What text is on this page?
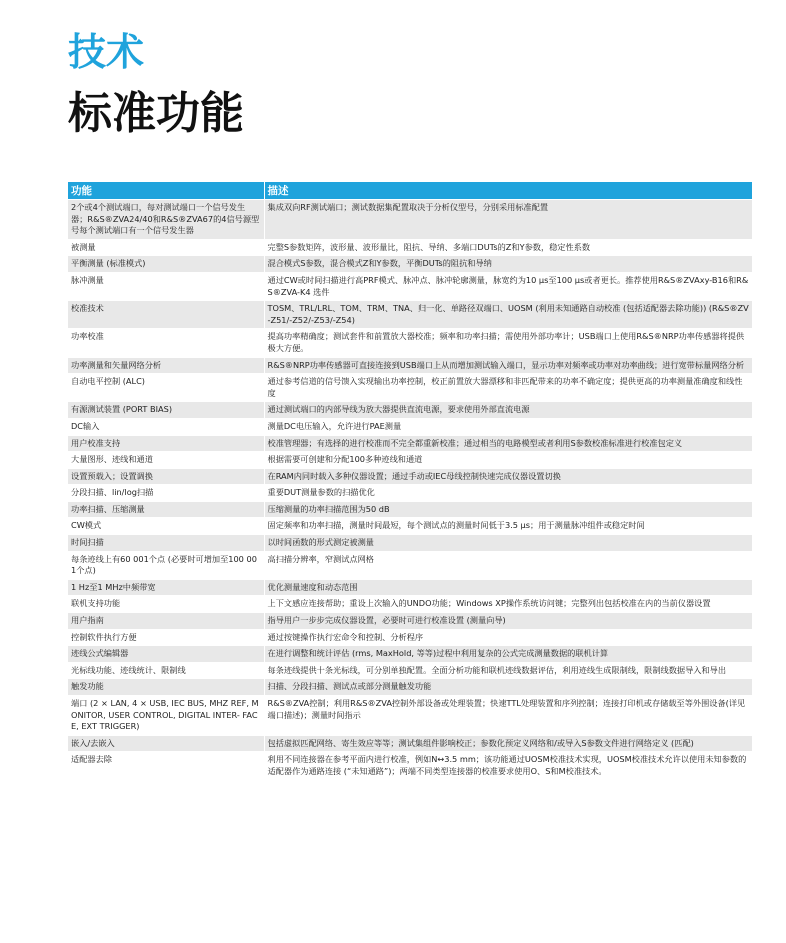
技术
标准功能
功能	描述
2个或4个测试端口，每对测试端口一个信号发生器；R&S®ZVA24/40和R&S®ZVA67的4信号源型号每个测试端口有一个信号发生器	集成双向RF测试端口；测试数据集配置取决于分析仪型号，分别采用标准配置
被测量	完整S参数矩阵，波形量、波形量比，阻抗、导纳、多端口DUTs的Z和Y参数，稳定性系数
平衡测量 (标准模式)	混合模式S参数，混合模式Z和Y参数，平衡DUTs的阻抗和导纳
脉冲测量	通过CW或时间扫描进行高PRF模式、脉冲点、脉冲轮廓测量，脉宽约为10 µs至100 µs或者更长。推荐使用R&S®ZVAxy-B16和R&S®ZVA-K4 选件
校准技术	TOSM、TRL/LRL、TOM、TRM、TNA、归一化、单路径双端口、UOSM (利用未知通路自动校准 (包括适配器去除功能)) (R&S®ZV-Z51/-Z52/-Z53/-Z54)
功率校准	提高功率精确度；测试套件和前置放大器校准；频率和功率扫描；需使用外部功率计；USB端口上使用R&S®NRP功率传感器将提供极大方便。
功率测量和矢量网络分析	R&S®NRP功率传感器可直接连接到USB端口上从而增加测试输入端口，显示功率对频率或功率对功率曲线；进行宽带标量网络分析
自动电平控制 (ALC)	通过参考信道的信号馈入实现输出功率控制，校正前置放大器漂移和非匹配带来的功率不确定度；提供更高的功率测量准确度和线性度
有源测试装置 (PORT BIAS)	通过测试端口的内部导线为放大器提供直流电源，要求使用外部直流电源
DC输入	测量DC电压输入，允许进行PAE测量
用户校准支持	校准管理器；有选择的进行校准而不完全都重新校准；通过相当的电路模型或者利用S参数校准标准进行校准包定义
大量图形、迹线和通道	根据需要可创建和分配100多种迹线和通道
设置预载入；设置调换	在RAM内同时载入多种仪器设置；通过手动或IEC母线控制快速完成仪器设置切换
分段扫描、lin/log扫描	重要DUT测量参数的扫描优化
功率扫描、压缩测量	压缩测量的功率扫描范围为50 dB
CW模式	固定频率和功率扫描，测量时间最短，每个测试点的测量时间低于3.5 µs；用于测量脉冲组件或稳定时间
时间扫描	以时间函数的形式测定被测量
每条迹线上有60 001个点 (必要时可增加至100 001个点)	高扫描分辨率，窄测试点网格
1 Hz至1 MHz中频带宽	优化测量速度和动态范围
联机支持功能	上下文感应连接帮助；重设上次输入的UNDO功能；Windows XP操作系统访问键；完整列出包括校准在内的当前仪器设置
用户指南	指导用户一步步完成仪器设置，必要时可进行校准设置 (测量向导)
控制软件执行方便	通过按键操作执行宏命令和控制、分析程序
迹线公式编辑器	在进行调整和统计评估 (rms, MaxHold, 等等)过程中利用复杂的公式完成测量数据的联机计算
光标线功能、迹线统计、限制线	每条迹线提供十条光标线，可分别单独配置。全面分析功能和联机迹线数据评估，利用迹线生成限制线，限制线数据导入和导出
触发功能	扫描、分段扫描、测试点或部分测量触发功能
端口 (2 × LAN, 4 × USB, IEC BUS, MHZ REF, MONITOR, USER CONTROL, DIGITAL INTER- FACE, EXT TRIGGER)	R&S®ZVA控制；利用R&S®ZVA控制外部设备或处理装置；快速TTL处理装置和序列控制；连接打印机或存储载至等外围设备(详见端口描述)；测量时间指示
嵌入/去嵌入	包括虚拟匹配网络、寄生效应等等；测试集组件影响校正；参数化预定义网络和/或导入S参数文件进行网络定义 (匹配)
适配器去除	利用不同连接器在参考平面内进行校准，例如N↔3.5 mm；该功能通过UOSM校准技术实现，UOSM校准技术允许以使用未知参数的适配器作为通路连接 (“未知通路”)；两端不同类型连接器的校准要求使用O、S和M校准技术。
